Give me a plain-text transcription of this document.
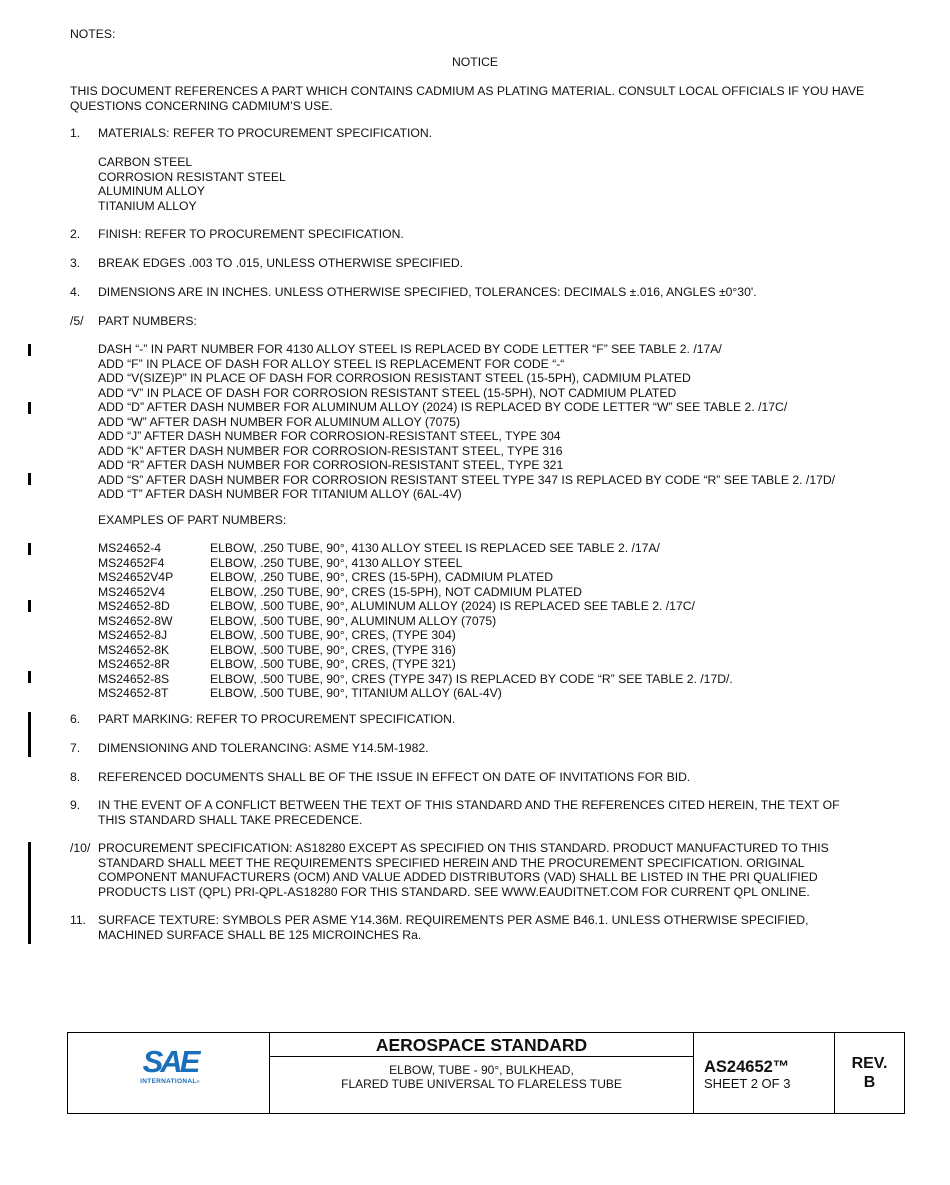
NOTES:
NOTICE
THIS DOCUMENT REFERENCES A PART WHICH CONTAINS CADMIUM AS PLATING MATERIAL. CONSULT LOCAL OFFICIALS IF YOU HAVE QUESTIONS CONCERNING CADMIUM’S USE.
1. MATERIALS: REFER TO PROCUREMENT SPECIFICATION.
CARBON STEEL
CORROSION RESISTANT STEEL
ALUMINUM ALLOY
TITANIUM ALLOY
2. FINISH: REFER TO PROCUREMENT SPECIFICATION.
3. BREAK EDGES .003 TO .015, UNLESS OTHERWISE SPECIFIED.
4. DIMENSIONS ARE IN INCHES. UNLESS OTHERWISE SPECIFIED, TOLERANCES: DECIMALS ±.016, ANGLES ±0°30'.
/5/ PART NUMBERS:
DASH “-” IN PART NUMBER FOR 4130 ALLOY STEEL IS REPLACED BY CODE LETTER “F” SEE TABLE 2. /17A/
ADD “F” IN PLACE OF DASH FOR ALLOY STEEL IS REPLACEMENT FOR CODE “-“
ADD “V(SIZE)P” IN PLACE OF DASH FOR CORROSION RESISTANT STEEL (15-5PH), CADMIUM PLATED
ADD “V” IN PLACE OF DASH FOR CORROSION RESISTANT STEEL (15-5PH), NOT CADMIUM PLATED
ADD “D” AFTER DASH NUMBER FOR ALUMINUM ALLOY (2024) IS REPLACED BY CODE LETTER “W” SEE TABLE 2. /17C/
ADD “W” AFTER DASH NUMBER FOR ALUMINUM ALLOY (7075)
ADD “J” AFTER DASH NUMBER FOR CORROSION-RESISTANT STEEL, TYPE 304
ADD “K” AFTER DASH NUMBER FOR CORROSION-RESISTANT STEEL, TYPE 316
ADD “R” AFTER DASH NUMBER FOR CORROSION-RESISTANT STEEL, TYPE 321
ADD “S” AFTER DASH NUMBER FOR CORROSION RESISTANT STEEL TYPE 347 IS REPLACED BY CODE “R” SEE TABLE 2. /17D/
ADD “T” AFTER DASH NUMBER FOR TITANIUM ALLOY (6AL-4V)
EXAMPLES OF PART NUMBERS:
MS24652-4	ELBOW, .250 TUBE, 90°, 4130 ALLOY STEEL IS REPLACED SEE TABLE 2. /17A/
MS24652F4	ELBOW, .250 TUBE, 90°, 4130 ALLOY STEEL
MS24652V4P	ELBOW, .250 TUBE, 90°, CRES (15-5PH), CADMIUM PLATED
MS24652V4	ELBOW, .250 TUBE, 90°, CRES (15-5PH), NOT CADMIUM PLATED
MS24652-8D	ELBOW, .500 TUBE, 90°, ALUMINUM ALLOY (2024) IS REPLACED SEE TABLE 2. /17C/
MS24652-8W	ELBOW, .500 TUBE, 90°, ALUMINUM ALLOY (7075)
MS24652-8J	ELBOW, .500 TUBE, 90°, CRES, (TYPE 304)
MS24652-8K	ELBOW, .500 TUBE, 90°, CRES, (TYPE 316)
MS24652-8R	ELBOW, .500 TUBE, 90°, CRES, (TYPE 321)
MS24652-8S	ELBOW, .500 TUBE, 90°, CRES (TYPE 347) IS REPLACED BY CODE “R” SEE TABLE 2. /17D/.
MS24652-8T	ELBOW, .500 TUBE, 90°, TITANIUM ALLOY (6AL-4V)
6. PART MARKING: REFER TO PROCUREMENT SPECIFICATION.
7. DIMENSIONING AND TOLERANCING: ASME Y14.5M-1982.
8. REFERENCED DOCUMENTS SHALL BE OF THE ISSUE IN EFFECT ON DATE OF INVITATIONS FOR BID.
9. IN THE EVENT OF A CONFLICT BETWEEN THE TEXT OF THIS STANDARD AND THE REFERENCES CITED HEREIN, THE TEXT OF THIS STANDARD SHALL TAKE PRECEDENCE.
/10/ PROCUREMENT SPECIFICATION: AS18280 EXCEPT AS SPECIFIED ON THIS STANDARD. PRODUCT MANUFACTURED TO THIS STANDARD SHALL MEET THE REQUIREMENTS SPECIFIED HEREIN AND THE PROCUREMENT SPECIFICATION. ORIGINAL COMPONENT MANUFACTURERS (OCM) AND VALUE ADDED DISTRIBUTORS (VAD) SHALL BE LISTED IN THE PRI QUALIFIED PRODUCTS LIST (QPL) PRI-QPL-AS18280 FOR THIS STANDARD. SEE WWW.EAUDITNET.COM FOR CURRENT QPL ONLINE.
11. SURFACE TEXTURE: SYMBOLS PER ASME Y14.36M. REQUIREMENTS PER ASME B46.1. UNLESS OTHERWISE SPECIFIED, MACHINED SURFACE SHALL BE 125 MICROINCHES Ra.
SAE
INTERNATIONAL®
AEROSPACE STANDARD
ELBOW, TUBE - 90°, BULKHEAD,
FLARED TUBE UNIVERSAL TO FLARELESS TUBE
AS24652™
SHEET 2 OF 3
REV.
B
